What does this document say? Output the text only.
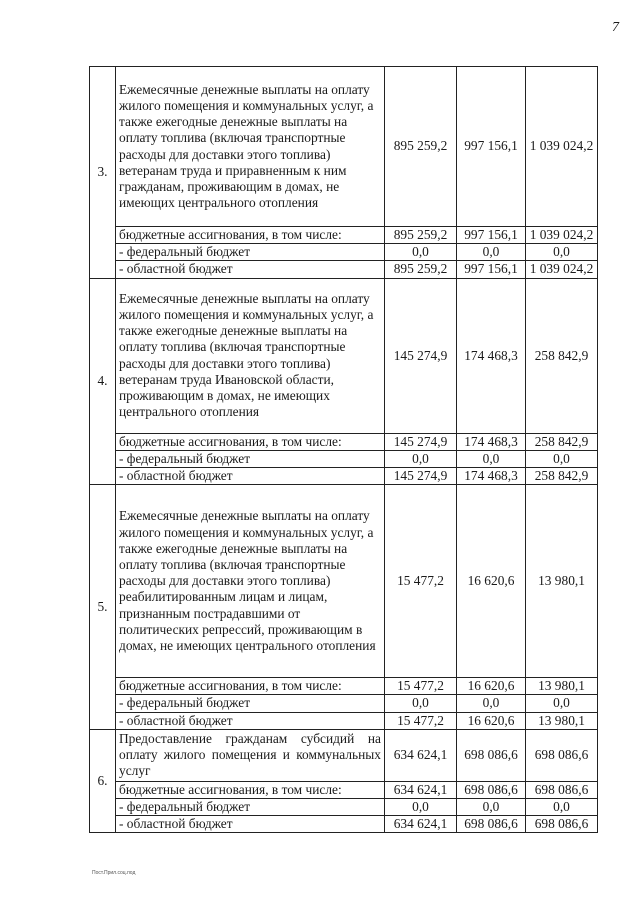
7
3.	Ежемесячные денежные выплаты на оплату жилого помещения и коммунальных услуг, а также ежегодные денежные выплаты на оплату топлива (включая транспортные расходы для доставки этого топлива) ветеранам труда и приравненным к ним гражданам, проживающим в домах, не имеющих центрального отопления	895 259,2	997 156,1	1 039 024,2
	бюджетные ассигнования, в том числе:	895 259,2	997 156,1	1 039 024,2
	- федеральный бюджет	0,0	0,0	0,0
	- областной бюджет	895 259,2	997 156,1	1 039 024,2
4.	Ежемесячные денежные выплаты на оплату жилого помещения и коммунальных услуг, а также ежегодные денежные выплаты на оплату топлива (включая транспортные расходы для доставки этого топлива) ветеранам труда Ивановской области, проживающим в домах, не имеющих центрального отопления	145 274,9	174 468,3	258 842,9
	бюджетные ассигнования, в том числе:	145 274,9	174 468,3	258 842,9
	- федеральный бюджет	0,0	0,0	0,0
	- областной бюджет	145 274,9	174 468,3	258 842,9
5.	Ежемесячные денежные выплаты на оплату жилого помещения и коммунальных услуг, а также ежегодные денежные выплаты на оплату топлива (включая транспортные расходы для доставки этого топлива) реабилитированным лицам и лицам, признанным пострадавшими от политических репрессий, проживающим в домах, не имеющих центрального отопления	15 477,2	16 620,6	13 980,1
	бюджетные ассигнования, в том числе:	15 477,2	16 620,6	13 980,1
	- федеральный бюджет	0,0	0,0	0,0
	- областной бюджет	15 477,2	16 620,6	13 980,1
6.	Предоставление гражданам субсидий на оплату жилого помещения и коммунальных услуг	634 624,1	698 086,6	698 086,6
	бюджетные ассигнования, в том числе:	634 624,1	698 086,6	698 086,6
	- федеральный бюджет	0,0	0,0	0,0
	- областной бюджет	634 624,1	698 086,6	698 086,6
Пост.Прил.соц.под
